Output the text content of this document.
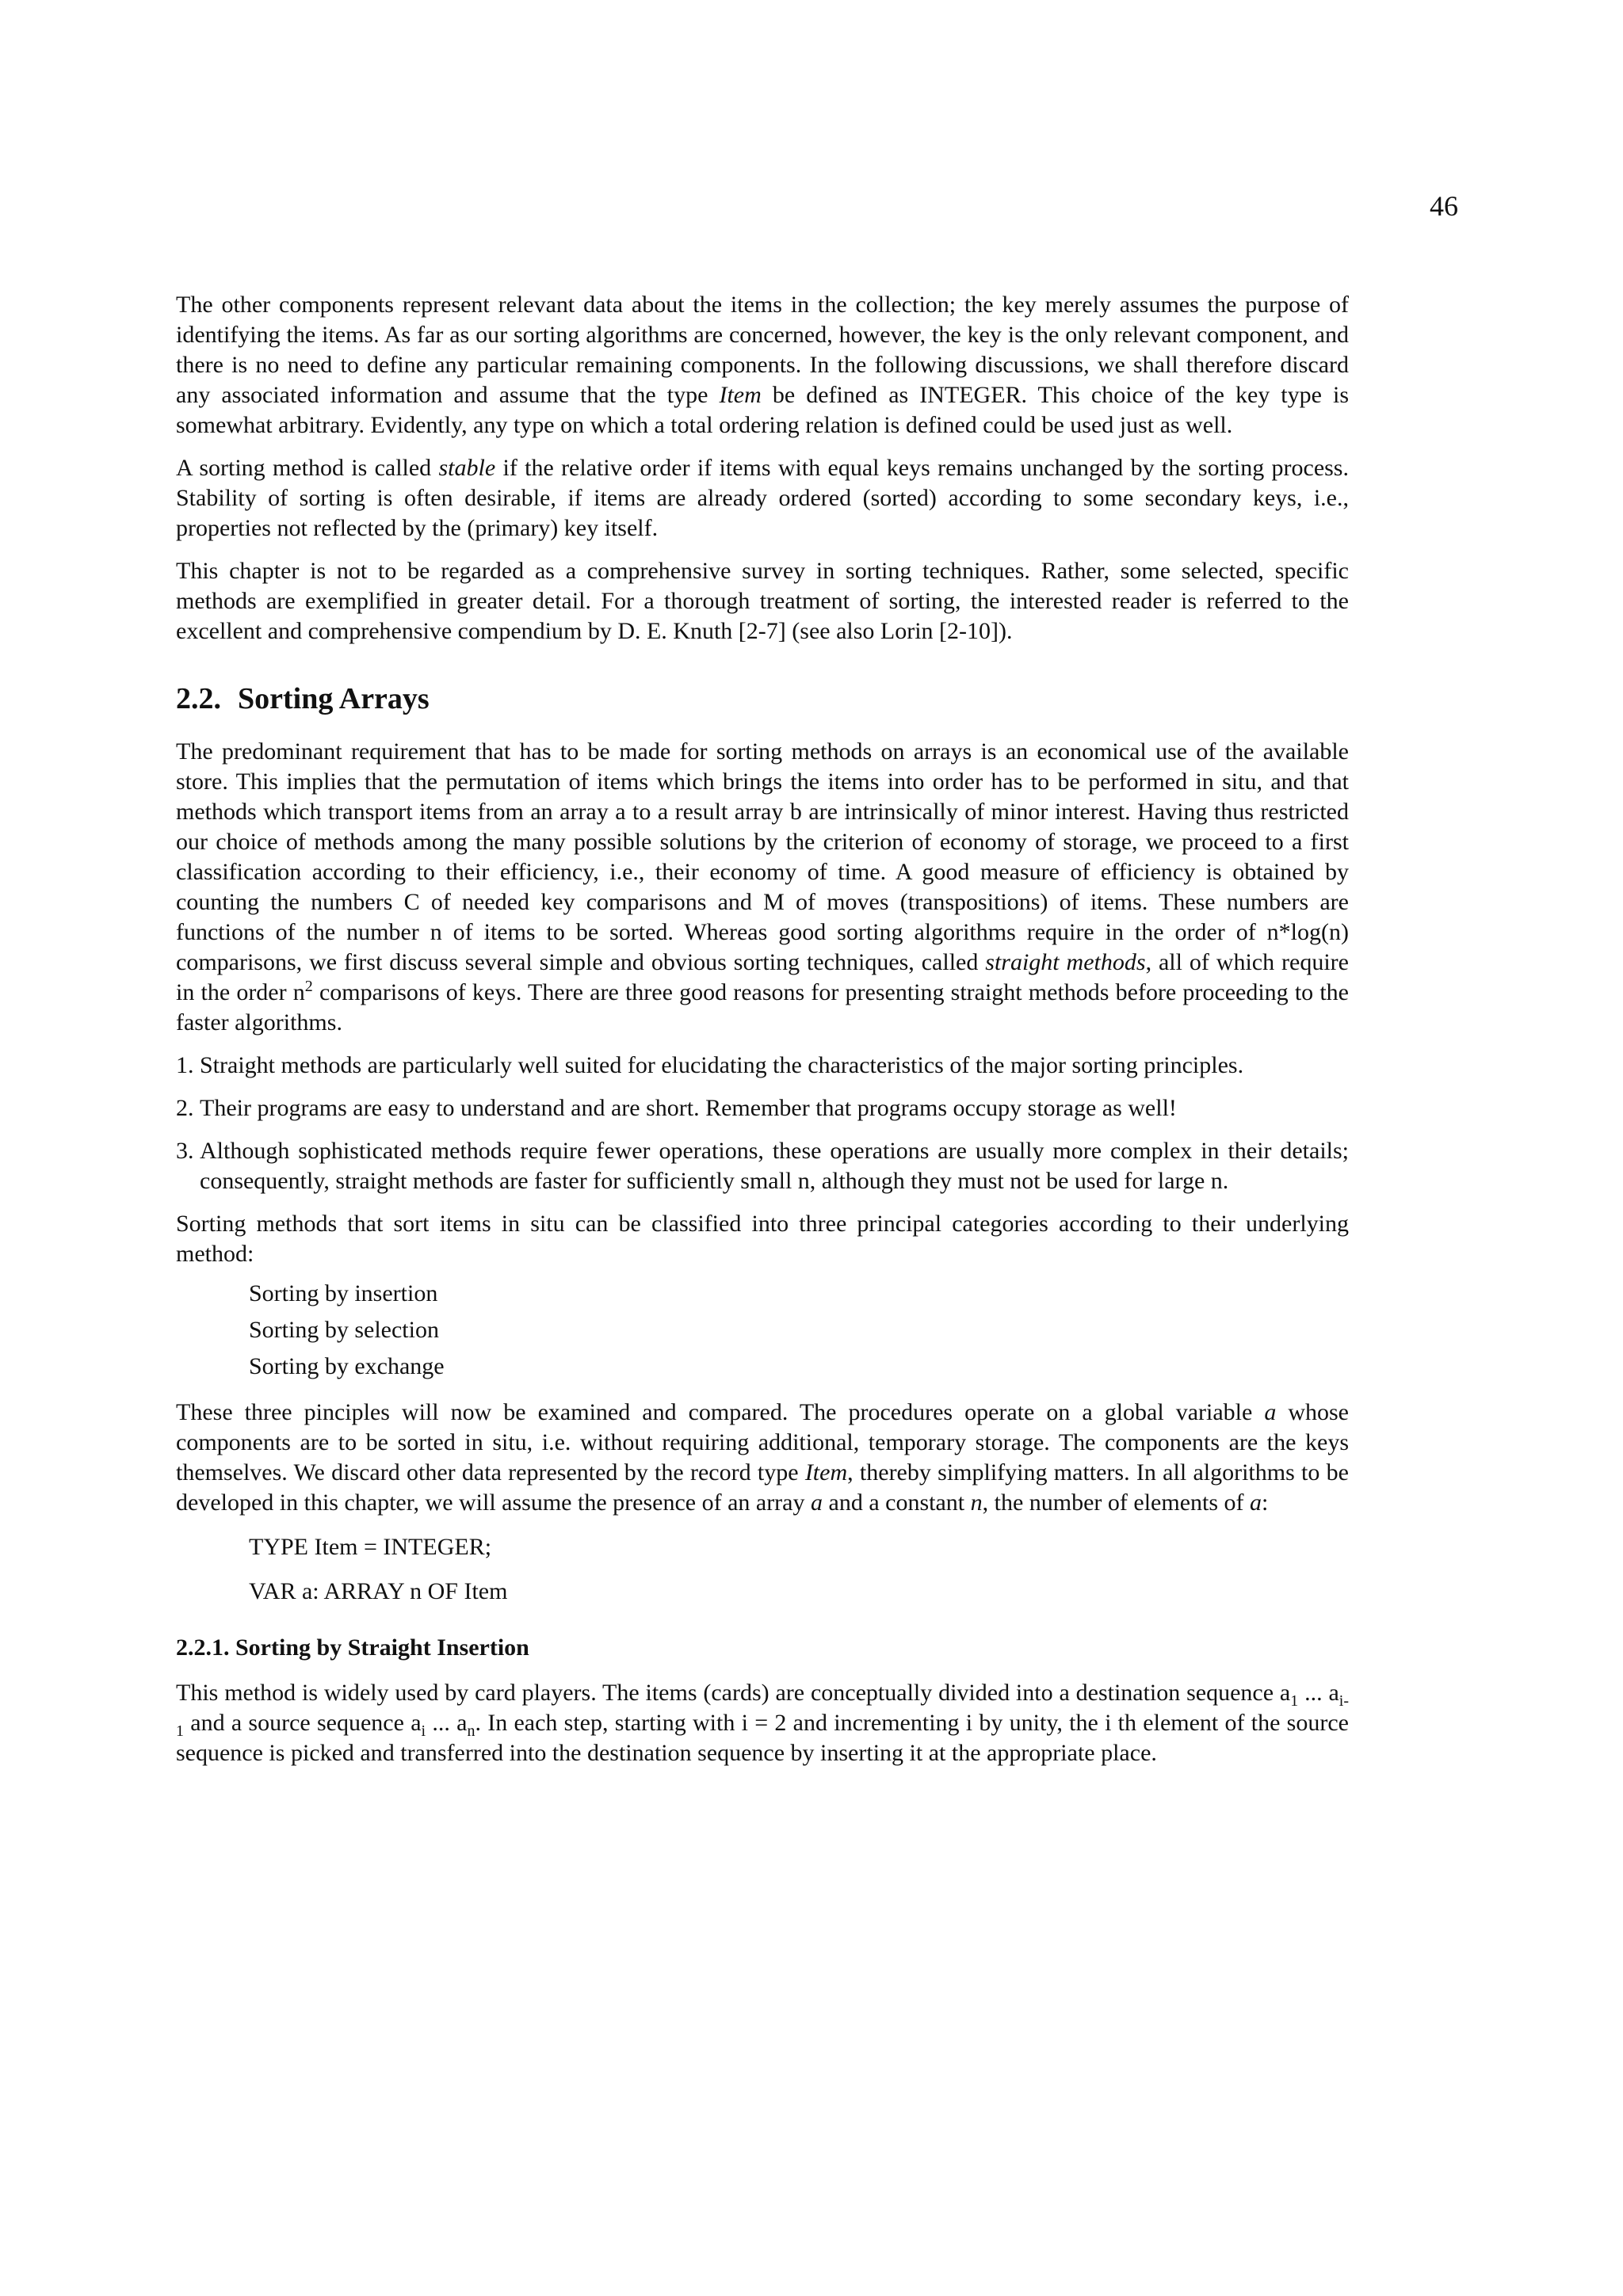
46

The other components represent relevant data about the items in the collection; the key merely assumes the purpose of identifying the items. As far as our sorting algorithms are concerned, however, the key is the only relevant component, and there is no need to define any particular remaining components. In the following discussions, we shall therefore discard any associated information and assume that the type Item be defined as INTEGER. This choice of the key type is somewhat arbitrary. Evidently, any type on which a total ordering relation is defined could be used just as well.

A sorting method is called stable if the relative order if items with equal keys remains unchanged by the sorting process. Stability of sorting is often desirable, if items are already ordered (sorted) according to some secondary keys, i.e., properties not reflected by the (primary) key itself.

This chapter is not to be regarded as a comprehensive survey in sorting techniques. Rather, some selected, specific methods are exemplified in greater detail. For a thorough treatment of sorting, the interested reader is referred to the excellent and comprehensive compendium by D. E. Knuth [2-7] (see also Lorin [2-10]).

2.2. Sorting Arrays

The predominant requirement that has to be made for sorting methods on arrays is an economical use of the available store. This implies that the permutation of items which brings the items into order has to be performed in situ, and that methods which transport items from an array a to a result array b are intrinsically of minor interest. Having thus restricted our choice of methods among the many possible solutions by the criterion of economy of storage, we proceed to a first classification according to their efficiency, i.e., their economy of time. A good measure of efficiency is obtained by counting the numbers C of needed key comparisons and M of moves (transpositions) of items. These numbers are functions of the number n of items to be sorted. Whereas good sorting algorithms require in the order of n*log(n) comparisons, we first discuss several simple and obvious sorting techniques, called straight methods, all of which require in the order $n^2$ comparisons of keys. There are three good reasons for presenting straight methods before proceeding to the faster algorithms.

1. Straight methods are particularly well suited for elucidating the characteristics of the major sorting principles.
2. Their programs are easy to understand and are short. Remember that programs occupy storage as well!
3. Although sophisticated methods require fewer operations, these operations are usually more complex in their details; consequently, straight methods are faster for sufficiently small n, although they must not be used for large n.

Sorting methods that sort items in situ can be classified into three principal categories according to their underlying method:

Sorting by insertion
Sorting by selection
Sorting by exchange

These three pinciples will now be examined and compared. The procedures operate on a global variable a whose components are to be sorted in situ, i.e. without requiring additional, temporary storage. The components are the keys themselves. We discard other data represented by the record type Item, thereby simplifying matters. In all algorithms to be developed in this chapter, we will assume the presence of an array a and a constant n, the number of elements of a:

TYPE Item = INTEGER;

VAR a: ARRAY n OF Item

2.2.1. Sorting by Straight Insertion

This method is widely used by card players. The items (cards) are conceptually divided into a destination sequence $a_1$ ... $a_{i-1}$ and a source sequence $a_i$ ... $a_n$. In each step, starting with i = 2 and incrementing i by unity, the i th element of the source sequence is picked and transferred into the destination sequence by inserting it at the appropriate place.
